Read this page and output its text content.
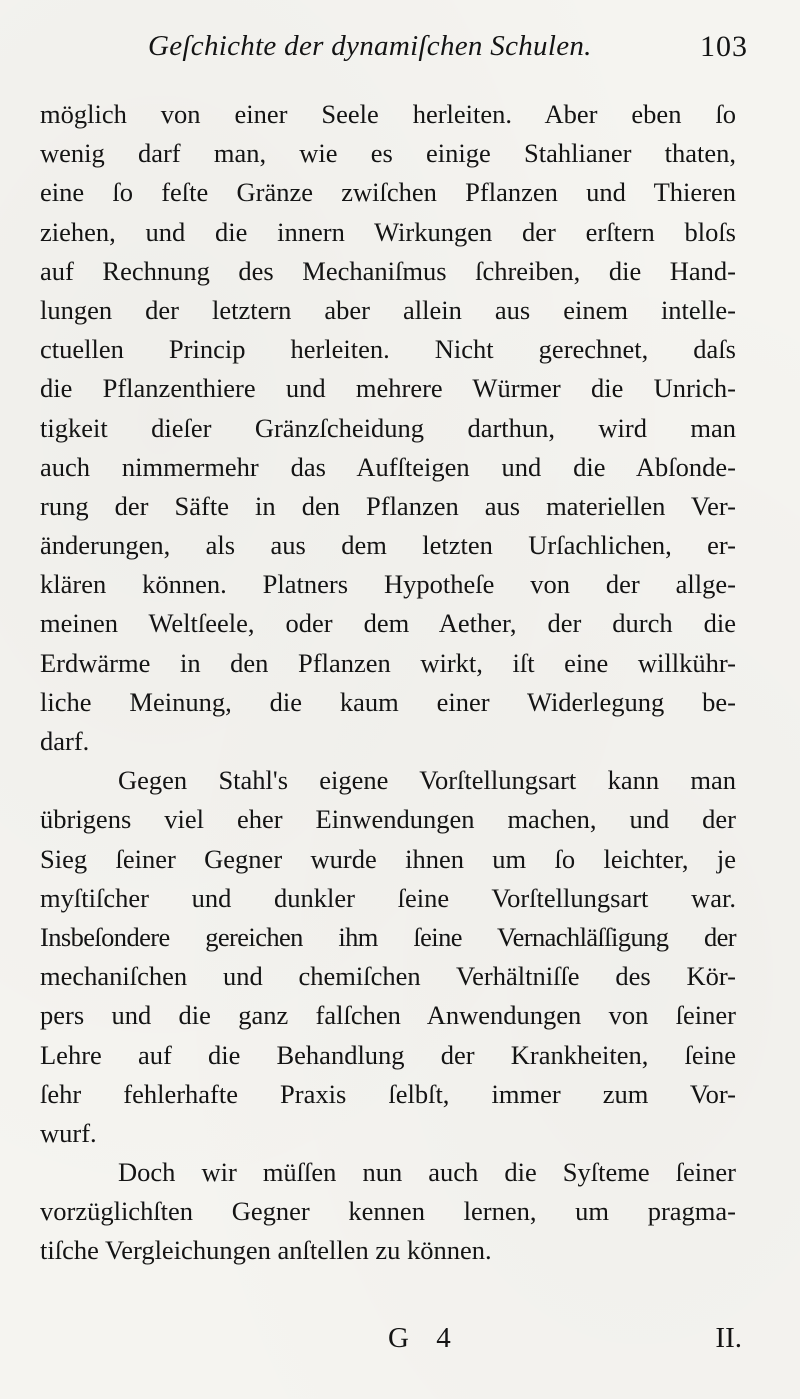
Geſchichte der dynamiſchen Schulen.	103
möglich von einer Seele herleiten. Aber eben ſo
wenig darf man, wie es einige Stahlianer thaten,
eine ſo feſte Gränze zwiſchen Pflanzen und Thieren
ziehen, und die innern Wirkungen der erſtern bloſs
auf Rechnung des Mechaniſmus ſchreiben, die Hand-
lungen der letztern aber allein aus einem intelle-
ctuellen Princip herleiten. Nicht gerechnet, daſs
die Pflanzenthiere und mehrere Würmer die Unrich-
tigkeit dieſer Gränzſcheidung darthun, wird man
auch nimmermehr das Aufſteigen und die Abſonde-
rung der Säfte in den Pflanzen aus materiellen Ver-
änderungen, als aus dem letzten Urſachlichen, er-
klären können. Platners Hypotheſe von der allge-
meinen Weltſeele, oder dem Aether, der durch die
Erdwärme in den Pflanzen wirkt, iſt eine willkühr-
liche Meinung, die kaum einer Widerlegung be-
darf.
Gegen Stahl's eigene Vorſtellungsart kann man
übrigens viel eher Einwendungen machen, und der
Sieg ſeiner Gegner wurde ihnen um ſo leichter, je
myſtiſcher und dunkler ſeine Vorſtellungsart war.
Insbeſondere gereichen ihm ſeine Vernachläſſigung der
mechaniſchen und chemiſchen Verhältniſſe des Kör-
pers und die ganz falſchen Anwendungen von ſeiner
Lehre auf die Behandlung der Krankheiten, ſeine
ſehr fehlerhafte Praxis ſelbſt, immer zum Vor-
wurf.
Doch wir müſſen nun auch die Syſteme ſeiner
vorzüglichſten Gegner kennen lernen, um pragma-
tiſche Vergleichungen anſtellen zu können.
G 4	II.
